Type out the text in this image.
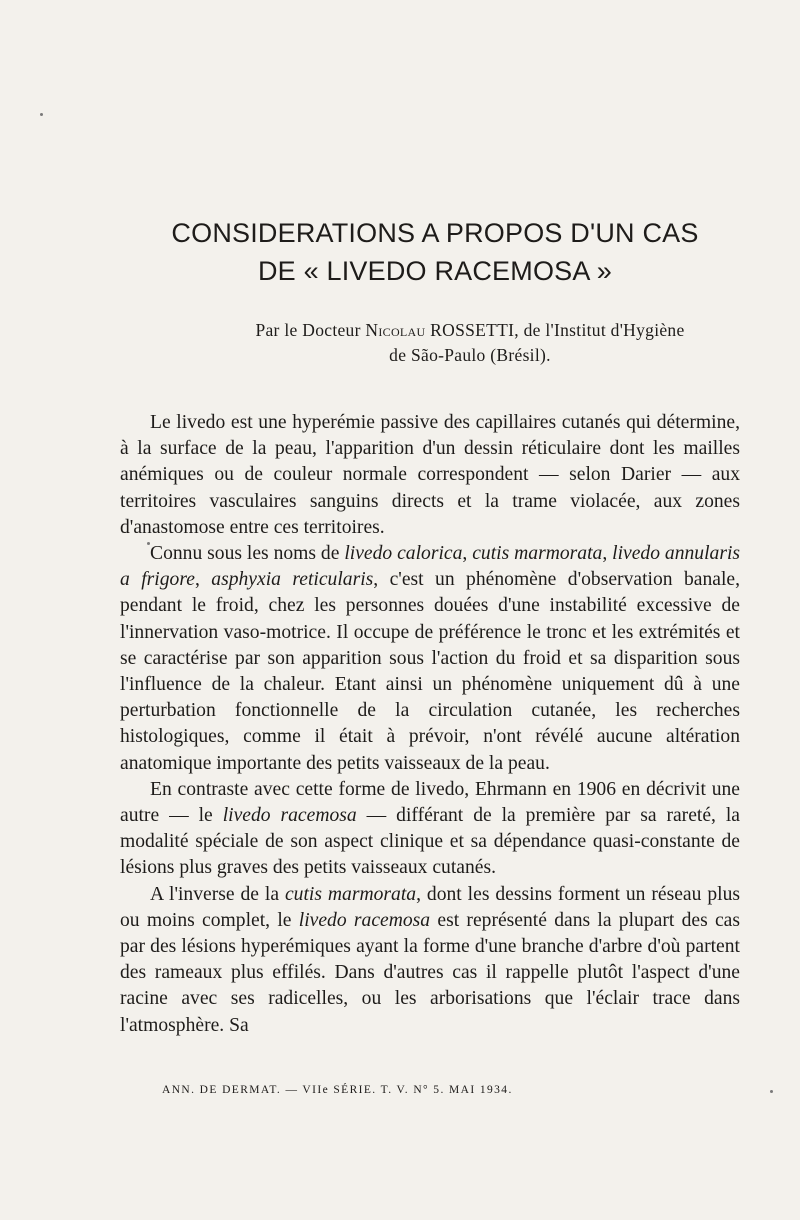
CONSIDERATIONS A PROPOS D'UN CAS
DE « LIVEDO RACEMOSA »
Par le Docteur Nicolau ROSSETTI, de l'Institut d'Hygiène
de São-Paulo (Brésil).

Le livedo est une hyperémie passive des capillaires cutanés qui détermine, à la surface de la peau, l'apparition d'un dessin réticulaire dont les mailles anémiques ou de couleur normale correspondent — selon Darier — aux territoires vasculaires sanguins directs et la trame violacée, aux zones d'anastomose entre ces territoires.

Connu sous les noms de livedo calorica, cutis marmorata, livedo annularis a frigore, asphyxia reticularis, c'est un phénomène d'observation banale, pendant le froid, chez les personnes douées d'une instabilité excessive de l'innervation vaso-motrice. Il occupe de préférence le tronc et les extrémités et se caractérise par son apparition sous l'action du froid et sa disparition sous l'influence de la chaleur. Etant ainsi un phénomène uniquement dû à une perturbation fonctionnelle de la circulation cutanée, les recherches histologiques, comme il était à prévoir, n'ont révélé aucune altération anatomique importante des petits vaisseaux de la peau.

En contraste avec cette forme de livedo, Ehrmann en 1906 en décrivit une autre — le livedo racemosa — différant de la première par sa rareté, la modalité spéciale de son aspect clinique et sa dépendance quasi-constante de lésions plus graves des petits vaisseaux cutanés.

A l'inverse de la cutis marmorata, dont les dessins forment un réseau plus ou moins complet, le livedo racemosa est représenté dans la plupart des cas par des lésions hyperémiques ayant la forme d'une branche d'arbre d'où partent des rameaux plus effilés. Dans d'autres cas il rappelle plutôt l'aspect d'une racine avec ses radicelles, ou les arborisations que l'éclair trace dans l'atmosphère. Sa

ANN. DE DERMAT. — VIIe SÉRIE. T. V. N° 5. MAI 1934.
